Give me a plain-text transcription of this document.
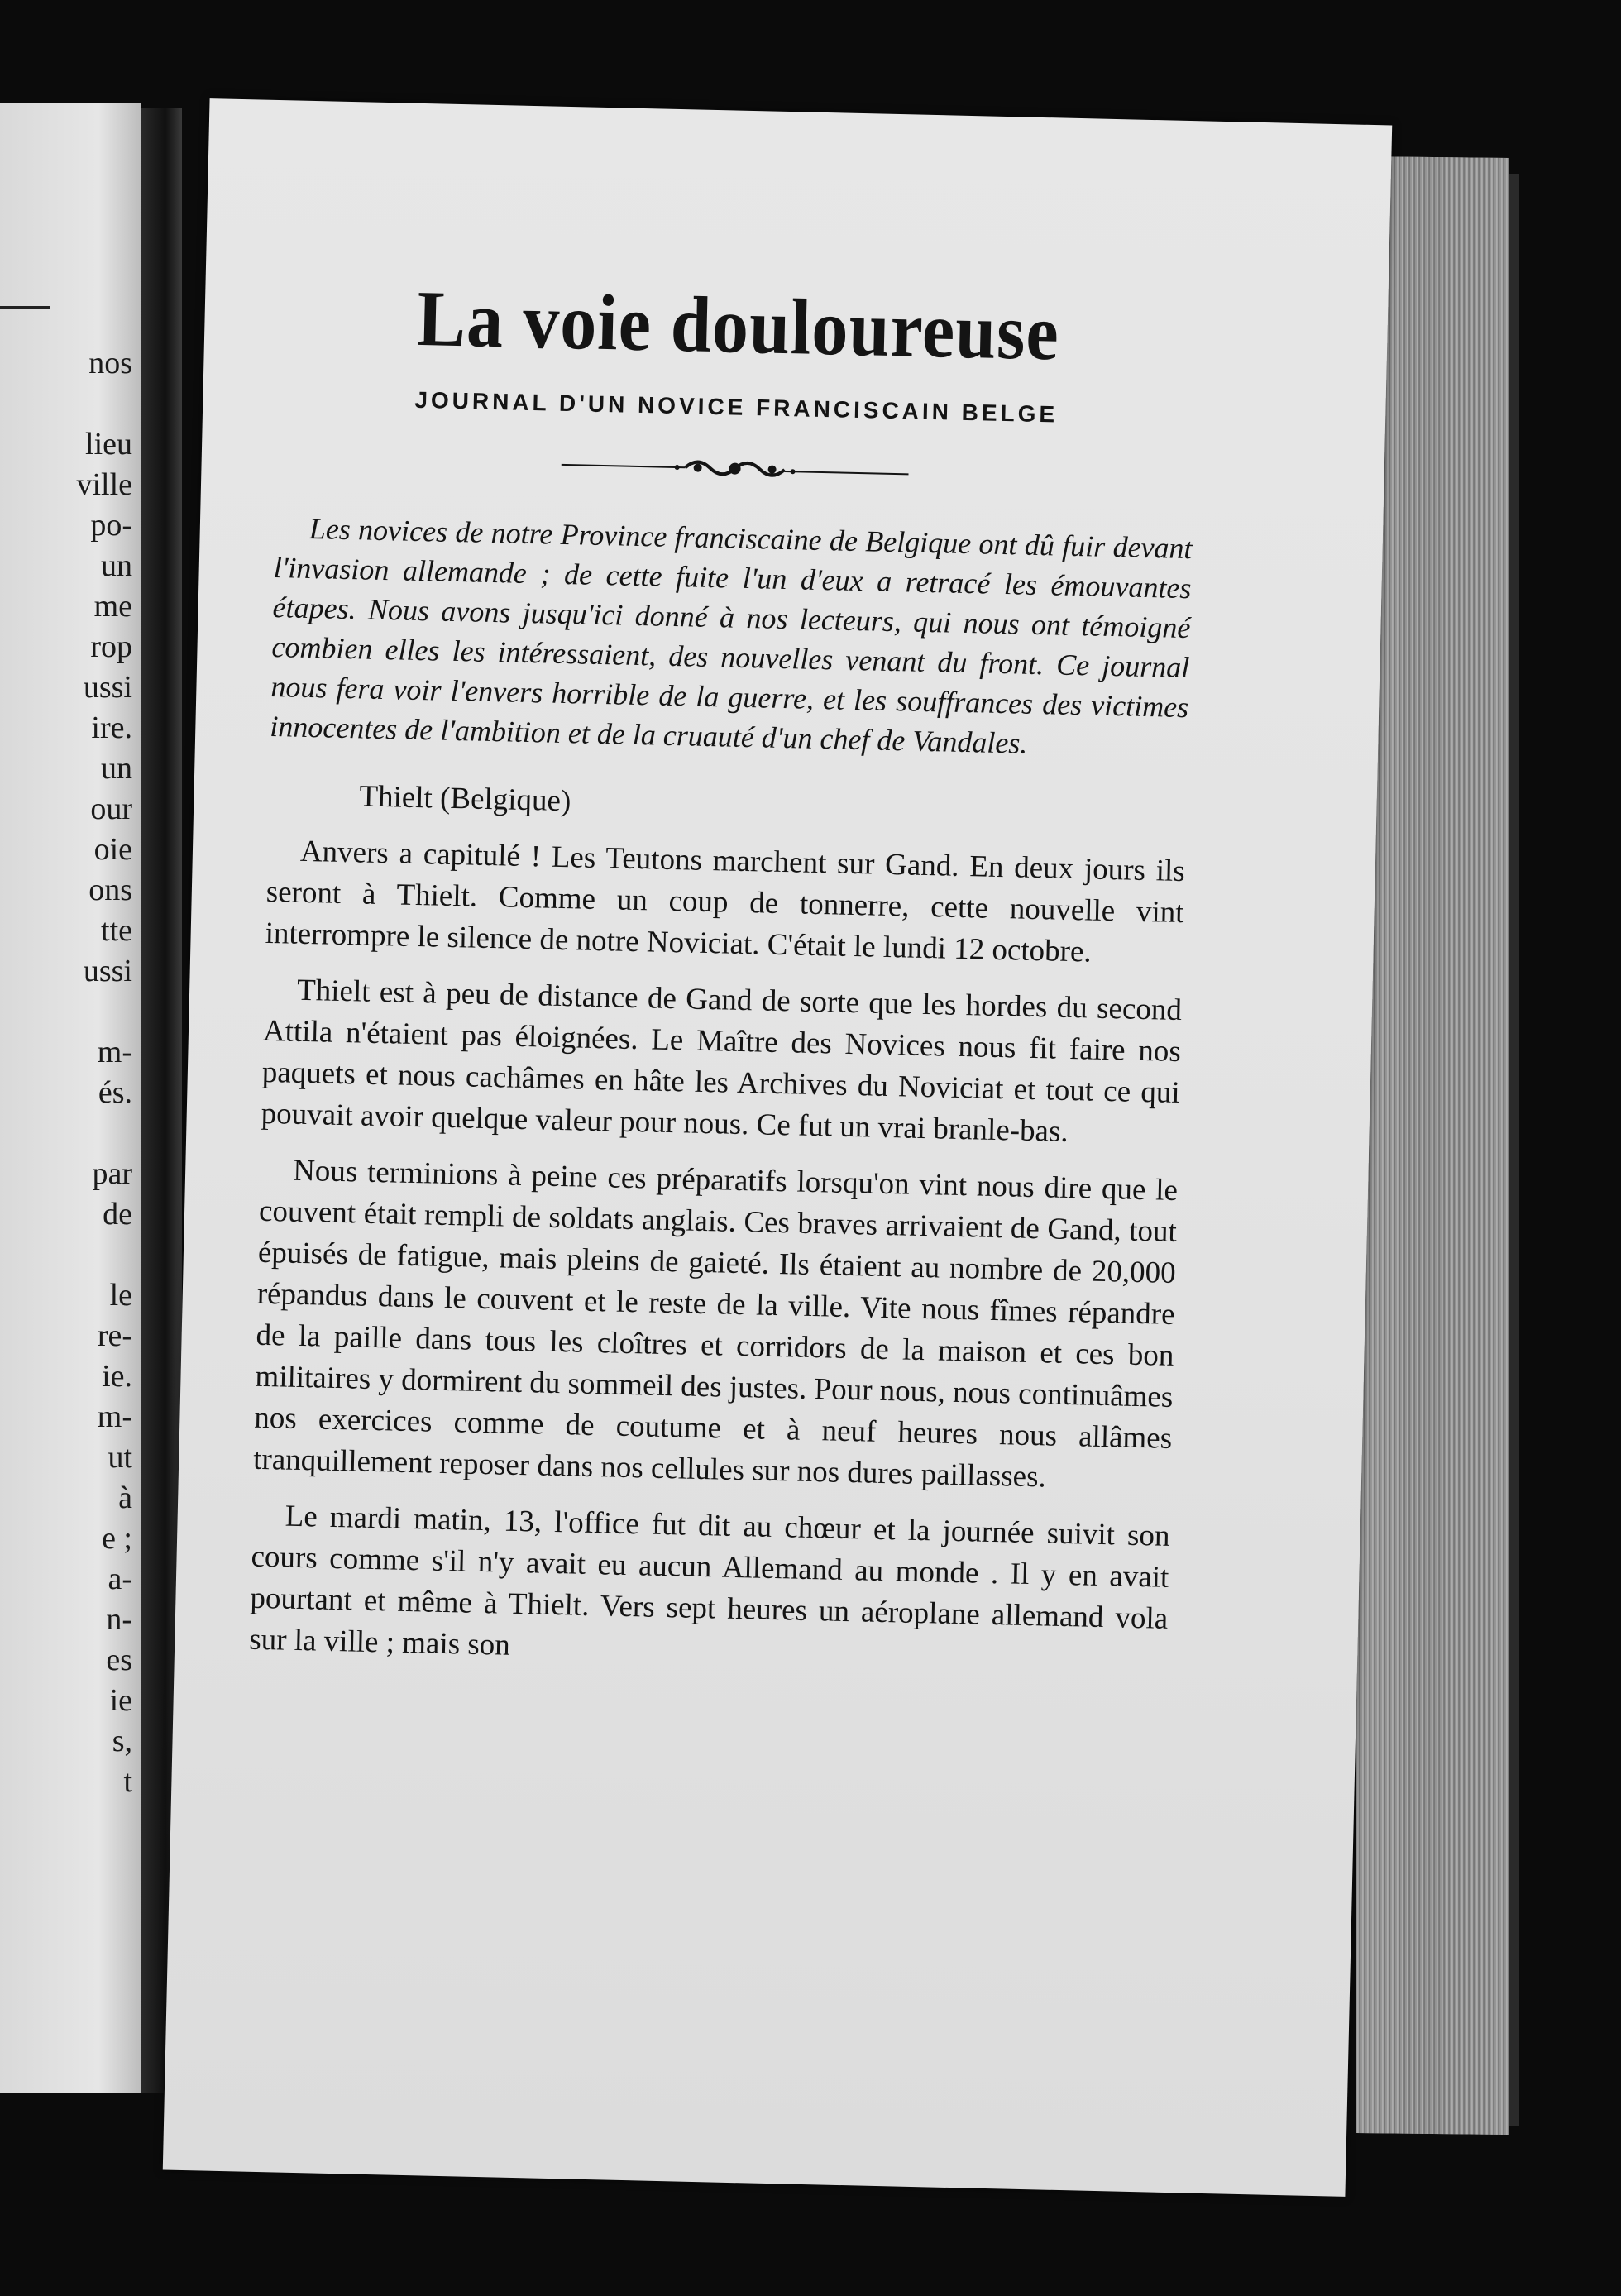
nos

lieu
ville
po-
un
me
rop
ussi
ire.
un
our
oie
ons
tte
ussi

m-
és.

par
de

le
re-
ie.
m-
ut
à
e ;
a-
n-
es
ie
s,
t
La voie douloureuse
JOURNAL D'UN NOVICE FRANCISCAIN BELGE

Les novices de notre Province franciscaine de Belgique ont dû fuir devant l'invasion allemande ; de cette fuite l'un d'eux a retracé les émouvantes étapes. Nous avons jusqu'ici donné à nos lecteurs, qui nous ont témoigné combien elles les intéressaient, des nouvelles venant du front. Ce journal nous fera voir l'envers horrible de la guerre, et les souffrances des victimes innocentes de l'ambition et de la cruauté d'un chef de Vandales.

Thielt (Belgique)

Anvers a capitulé ! Les Teutons marchent sur Gand. En deux jours ils seront à Thielt. Comme un coup de tonnerre, cette nouvelle vint interrompre le silence de notre Noviciat. C'était le lundi 12 octobre.

Thielt est à peu de distance de Gand de sorte que les hordes du second Attila n'étaient pas éloignées. Le Maître des Novices nous fit faire nos paquets et nous cachâmes en hâte les Archives du Noviciat et tout ce qui pouvait avoir quelque valeur pour nous. Ce fut un vrai branle-bas.

Nous terminions à peine ces préparatifs lorsqu'on vint nous dire que le couvent était rempli de soldats anglais. Ces braves arrivaient de Gand, tout épuisés de fatigue, mais pleins de gaieté. Ils étaient au nombre de 20,000 répandus dans le couvent et le reste de la ville. Vite nous fîmes répandre de la paille dans tous les cloîtres et corridors de la maison et ces bon militaires y dormirent du sommeil des justes. Pour nous, nous continuâmes nos exercices comme de coutume et à neuf heures nous allâmes tranquillement reposer dans nos cellules sur nos dures paillasses.

Le mardi matin, 13, l'office fut dit au chœur et la journée suivit son cours comme s'il n'y avait eu aucun Allemand au monde . Il y en avait pourtant et même à Thielt. Vers sept heures un aéroplane allemand vola sur la ville ; mais son
